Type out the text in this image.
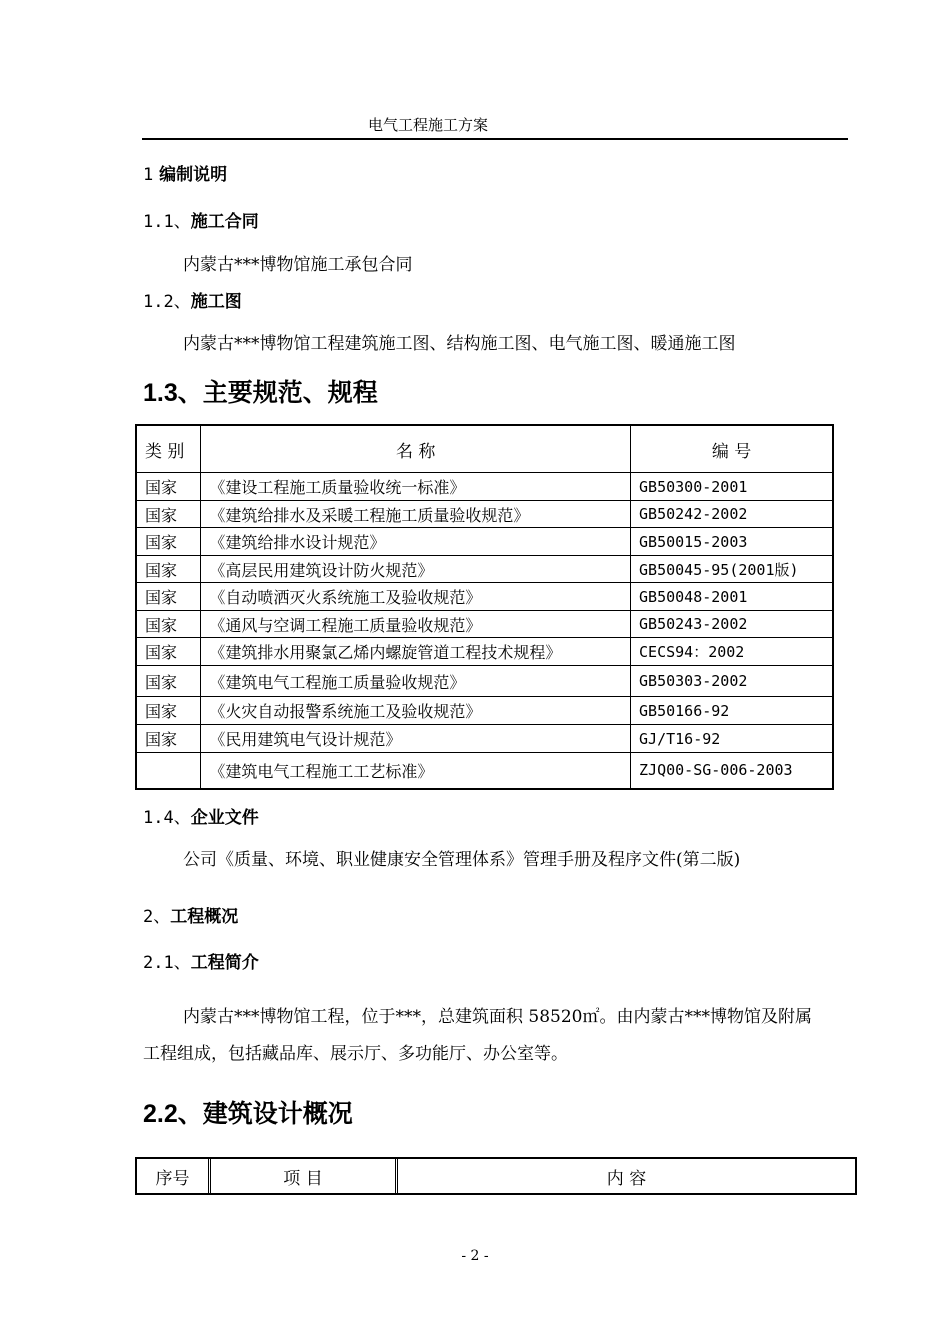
电气工程施工方案
1 编制说明
1.1、施工合同
内蒙古***博物馆施工承包合同
1.2、施工图
内蒙古***博物馆工程建筑施工图、结构施工图、电气施工图、暖通施工图
1.3、主要规范、规程
类 别	名 称	编 号
国家	《建设工程施工质量验收统一标准》	GB50300-2001
国家	《建筑给排水及采暖工程施工质量验收规范》	GB50242-2002
国家	《建筑给排水设计规范》	GB50015-2003
国家	《高层民用建筑设计防火规范》	GB50045-95(2001版)
国家	《自动喷洒灭火系统施工及验收规范》	GB50048-2001
国家	《通风与空调工程施工质量验收规范》	GB50243-2002
国家	《建筑排水用聚氯乙烯内螺旋管道工程技术规程》	CECS94：2002
国家	《建筑电气工程施工质量验收规范》	GB50303-2002
国家	《火灾自动报警系统施工及验收规范》	GB50166-92
国家	《民用建筑电气设计规范》	GJ/T16-92
	《建筑电气工程施工工艺标准》	ZJQ00-SG-006-2003
1.4、企业文件
公司《质量、环境、职业健康安全管理体系》管理手册及程序文件(第二版)
2、工程概况
2.1、工程简介
内蒙古***博物馆工程，位于***，总建筑面积 58520㎡。由内蒙古***博物馆及附属
工程组成，包括藏品库、展示厅、多功能厅、办公室等。
2.2、建筑设计概况
序号	项 目	内 容
- 2 -
